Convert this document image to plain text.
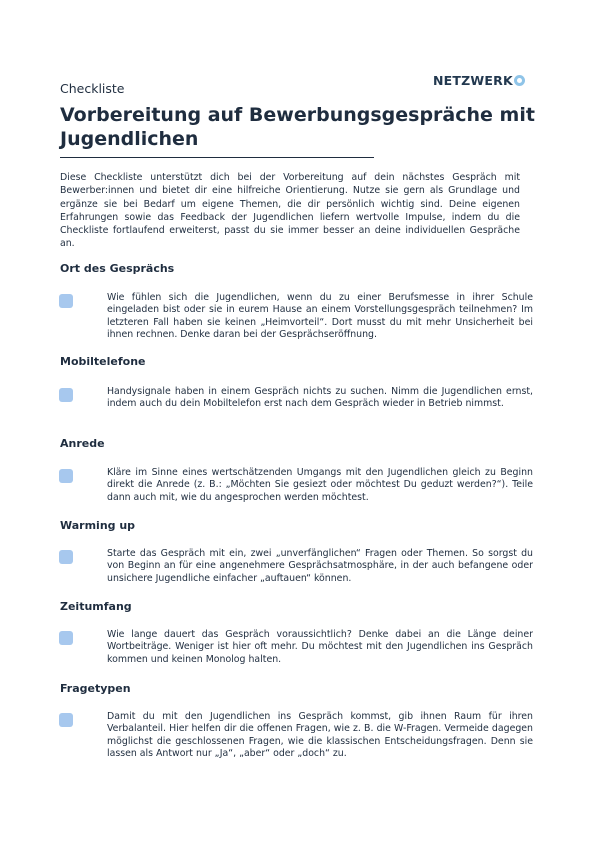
Checkliste
NETZWERK
Vorbereitung auf Bewerbungsgespräche mit Jugendlichen

Diese Checkliste unterstützt dich bei der Vorbereitung auf dein nächstes Gespräch mit Bewerber:innen und bietet dir eine hilfreiche Orientierung. Nutze sie gern als Grundlage und ergänze sie bei Bedarf um eigene Themen, die dir persönlich wichtig sind. Deine eigenen Erfahrungen sowie das Feedback der Jugendlichen liefern wertvolle Impulse, indem du die Checkliste fortlaufend erweiterst, passt du sie immer besser an deine individuellen Gespräche an.

Ort des Gesprächs

Wie fühlen sich die Jugendlichen, wenn du zu einer Berufsmesse in ihrer Schule eingeladen bist oder sie in eurem Hause an einem Vorstellungsgespräch teilnehmen? Im letzteren Fall haben sie keinen „Heimvorteil“. Dort musst du mit mehr Unsicherheit bei ihnen rechnen. Denke daran bei der Gesprächseröffnung.

Mobiltelefone

Handysignale haben in einem Gespräch nichts zu suchen. Nimm die Jugendlichen ernst, indem auch du dein Mobiltelefon erst nach dem Gespräch wieder in Betrieb nimmst.

Anrede

Kläre im Sinne eines wertschätzenden Umgangs mit den Jugendlichen gleich zu Beginn direkt die Anrede (z. B.: „Möchten Sie gesiezt oder möchtest Du geduzt werden?“). Teile dann auch mit, wie du angesprochen werden möchtest.

Warming up

Starte das Gespräch mit ein, zwei „unverfänglichen“ Fragen oder Themen. So sorgst du von Beginn an für eine angenehmere Gesprächsatmosphäre, in der auch befangene oder unsichere Jugendliche einfacher „auftauen“ können.

Zeitumfang

Wie lange dauert das Gespräch voraussichtlich? Denke dabei an die Länge deiner Wortbeiträge. Weniger ist hier oft mehr. Du möchtest mit den Jugendlichen ins Gespräch kommen und keinen Monolog halten.

Fragetypen

Damit du mit den Jugendlichen ins Gespräch kommst, gib ihnen Raum für ihren Verbalanteil. Hier helfen dir die offenen Fragen, wie z. B. die W-Fragen. Vermeide dagegen möglichst die geschlossenen Fragen, wie die klassischen Entscheidungsfragen. Denn sie lassen als Antwort nur „Ja“, „aber“ oder „doch“ zu.
